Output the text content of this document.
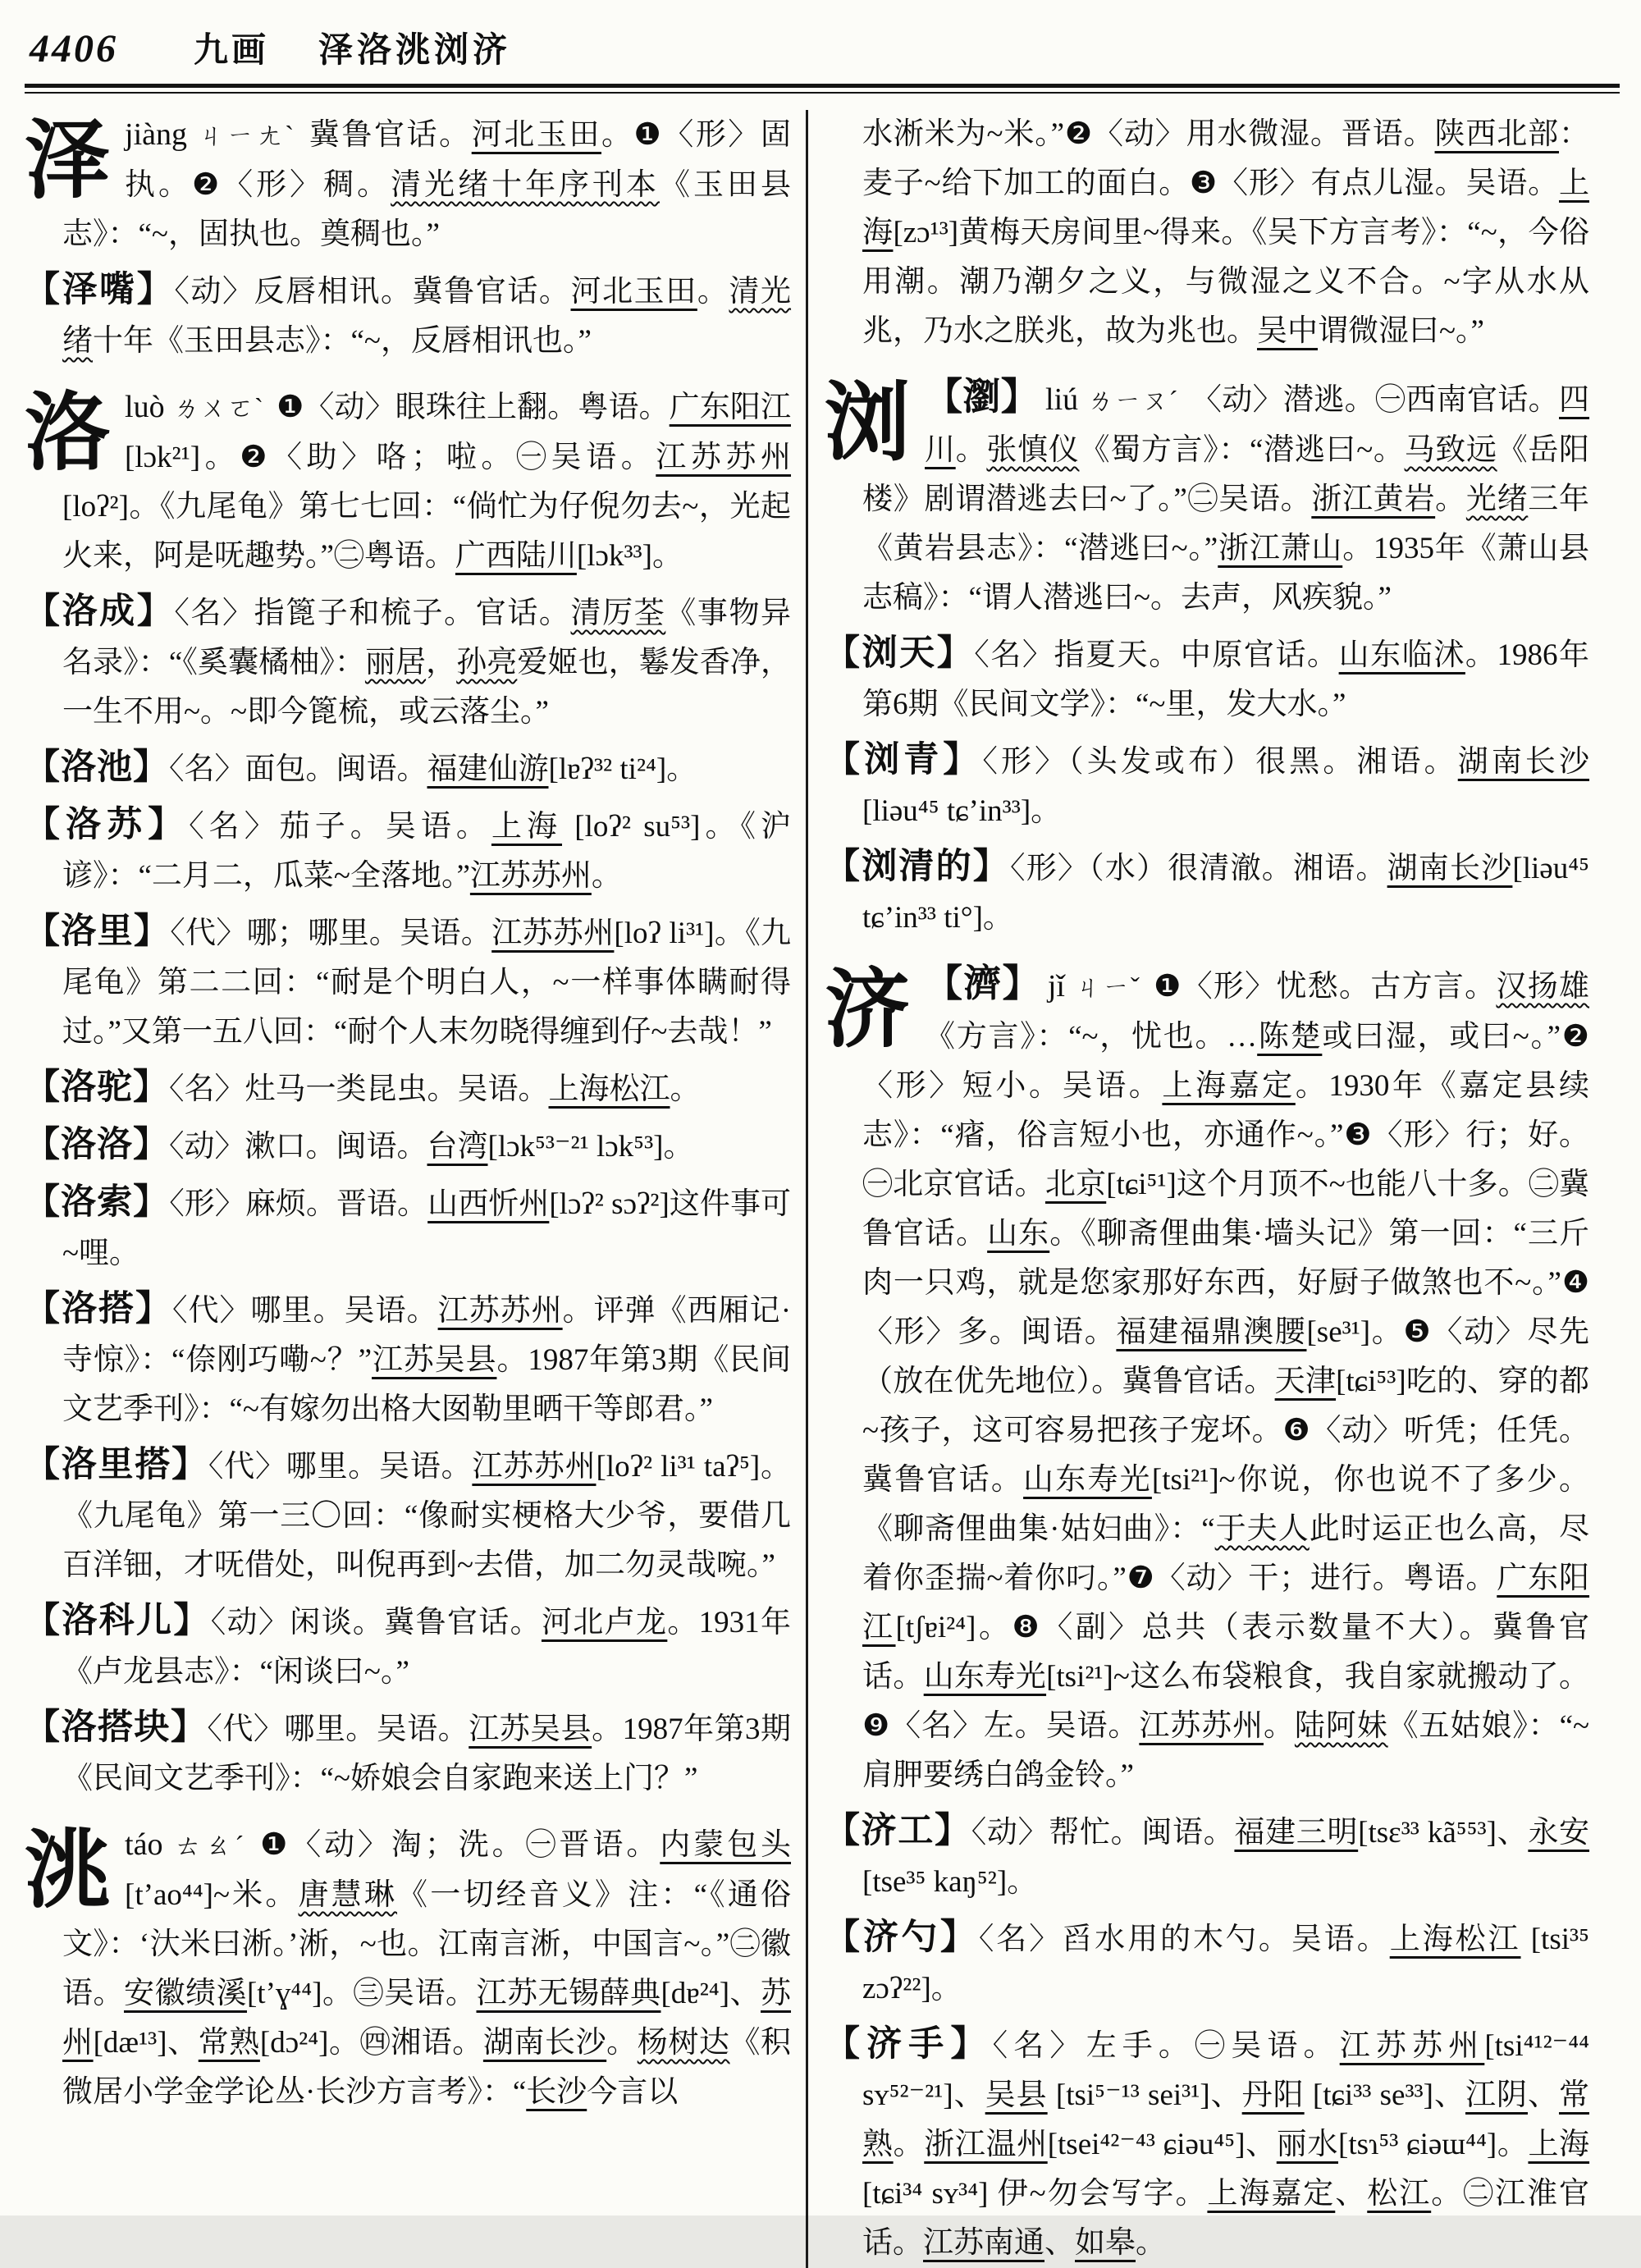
4406 九画 泽洛洮浏济
泽jiàng ㄐㄧㄤˋ 冀鲁官话。河北玉田。❶〈形〉固执。❷〈形〉稠。清光绪十年序刊本《玉田县志》：“~，固执也。奠稠也。”
【泽嘴】〈动〉反唇相讯。冀鲁官话。河北玉田。清光绪十年《玉田县志》：“~，反唇相讯也。”
洛luò ㄌㄨㄛˋ ❶〈动〉眼珠往上翻。粤语。广东阳江[lɔk²¹]。❷〈助〉咯；啦。㊀吴语。江苏苏州[loʔ²]。《九尾龟》第七七回：“倘忙为仔倪勿去~，光起火来，阿是呒趣势。”㊁粤语。广西陆川[lɔk³³]。
【洛成】〈名〉指篦子和梳子。官话。清厉荃《事物异名录》：“《奚囊橘柚》：丽居，孙亮爱姬也，鬈发香净，一生不用~。~即今篦梳，或云落尘。”
【洛池】〈名〉面包。闽语。福建仙游[lɐʔ³² ti²⁴]。
【洛苏】〈名〉茄子。吴语。上海 [loʔ² su⁵³]。《沪谚》：“二月二，瓜菜~全落地。”江苏苏州。
【洛里】〈代〉哪；哪里。吴语。江苏苏州[loʔ li³¹]。《九尾龟》第二二回：“耐是个明白人，~一样事体瞒耐得过。”又第一五八回：“耐个人末勿晓得缠到仔~去哉！”
【洛驼】〈名〉灶马一类昆虫。吴语。上海松江。
【洛洛】〈动〉漱口。闽语。台湾[lɔk⁵³⁻²¹ lɔk⁵³]。
【洛索】〈形〉麻烦。晋语。山西忻州[lɔʔ² sɔʔ²]这件事可~哩。
【洛搭】〈代〉哪里。吴语。江苏苏州。评弹《西厢记·寺惊》：“倷刚巧嘞~？”江苏吴县。1987年第3期《民间文艺季刊》：“~有嫁勿出格大囡勒里晒干等郎君。”
【洛里搭】〈代〉哪里。吴语。江苏苏州[loʔ² li³¹ taʔ⁵]。《九尾龟》第一三〇回：“像耐实梗格大少爷，要借几百洋钿，才呒借处，叫倪再到~去借，加二勿灵哉啘。”
【洛科儿】〈动〉闲谈。冀鲁官话。河北卢龙。1931年《卢龙县志》：“闲谈曰~。”
【洛搭块】〈代〉哪里。吴语。江苏吴县。1987年第3期《民间文艺季刊》：“~娇娘会自家跑来送上门？”
洮táo ㄊㄠˊ ❶〈动〉淘；洗。㊀晋语。内蒙包头 [t’ao⁴⁴]~米。唐慧琳《一切经音义》注：“《通俗文》：‘汏米曰淅。’淅，~也。江南言淅，中国言~。”㊁徽语。安徽绩溪[t’ɣ⁴⁴]。㊂吴语。江苏无锡薛典[dɐ²⁴]、苏州[dæ¹³]、常熟[dɔ²⁴]。㊃湘语。湖南长沙。杨树达《积微居小学金学论丛·长沙方言考》：“长沙今言以
水淅米为~米。”❷〈动〉用水微湿。晋语。陕西北部：麦子~给下加工的面白。❸〈形〉有点儿湿。吴语。上海[zɔ¹³]黄梅天房间里~得来。《吴下方言考》：“~，今俗用潮。潮乃潮夕之义，与微湿之义不合。~字从水从兆，乃水之朕兆，故为兆也。吴中谓微湿曰~。”
浏 【瀏】 liú ㄌㄧㄡˊ 〈动〉潜逃。㊀西南官话。四川。张慎仪《蜀方言》：“潜逃曰~。马致远《岳阳楼》剧谓潜逃去曰~了。”㊁吴语。浙江黄岩。光绪三年《黄岩县志》：“潜逃曰~。”浙江萧山。1935年《萧山县志稿》：“谓人潜逃曰~。去声，风疾貌。”
【浏天】〈名〉指夏天。中原官话。山东临沭。1986年第6期《民间文学》：“~里，发大水。”
【浏青】〈形〉（头发或布）很黑。湘语。湖南长沙[liəu⁴⁵ tɕ’in³³]。
【浏清的】〈形〉（水）很清澈。湘语。湖南长沙[liəu⁴⁵ tɕ’in³³ ti°]。
济 【濟】 jǐ ㄐㄧˇ ❶〈形〉忧愁。古方言。汉扬雄《方言》：“~，忧也。…陈楚或曰湿，或曰~。”❷〈形〉短小。吴语。上海嘉定。1930年《嘉定县续志》：“㾪，俗言短小也，亦通作~。”❸〈形〉行；好。㊀北京官话。北京[tɕi⁵¹]这个月顶不~也能八十多。㊁冀鲁官话。山东。《聊斋俚曲集·墙头记》第一回：“三斤肉一只鸡，就是您家那好东西，好厨子做煞也不~。”❹〈形〉多。闽语。福建福鼎澳腰[se³¹]。❺〈动〉尽先（放在优先地位）。冀鲁官话。天津[tɕi⁵³]吃的、穿的都~孩子，这可容易把孩子宠坏。❻〈动〉听凭；任凭。冀鲁官话。山东寿光[tsi²¹]~你说，你也说不了多少。《聊斋俚曲集·姑妇曲》：“于夫人此时运正也么高，尽着你歪揣~着你叼。”❼〈动〉干；进行。粤语。广东阳江[tʃɐi²⁴]。❽〈副〉总共（表示数量不大）。冀鲁官话。山东寿光[tsi²¹]~这么布袋粮食，我自家就搬动了。❾〈名〉左。吴语。江苏苏州。陆阿妹《五姑娘》：“~肩胛要绣白鸽金铃。”
【济工】〈动〉帮忙。闽语。福建三明[tsɛ³³ kã⁵⁵³]、永安[tse³⁵ kaŋ⁵²]。
【济勺】〈名〉舀水用的木勺。吴语。上海松江 [tsi³⁵ zɔʔ²²]。
【济手】〈名〉左手。㊀吴语。江苏苏州[tsi⁴¹²⁻⁴⁴ sʏ⁵²⁻²¹]、吴县 [tsi⁵⁻¹³ sei³¹]、丹阳 [tɕi³³ se³³]、江阴、常熟。浙江温州[tsei⁴²⁻⁴³ ɕiəu⁴⁵]、丽水[tsɿ⁵³ ɕiəɯ⁴⁴]。上海 [tɕi³⁴ sʏ³⁴] 伊~勿会写字。上海嘉定、松江。㊁江淮官话。江苏南通、如皋。
